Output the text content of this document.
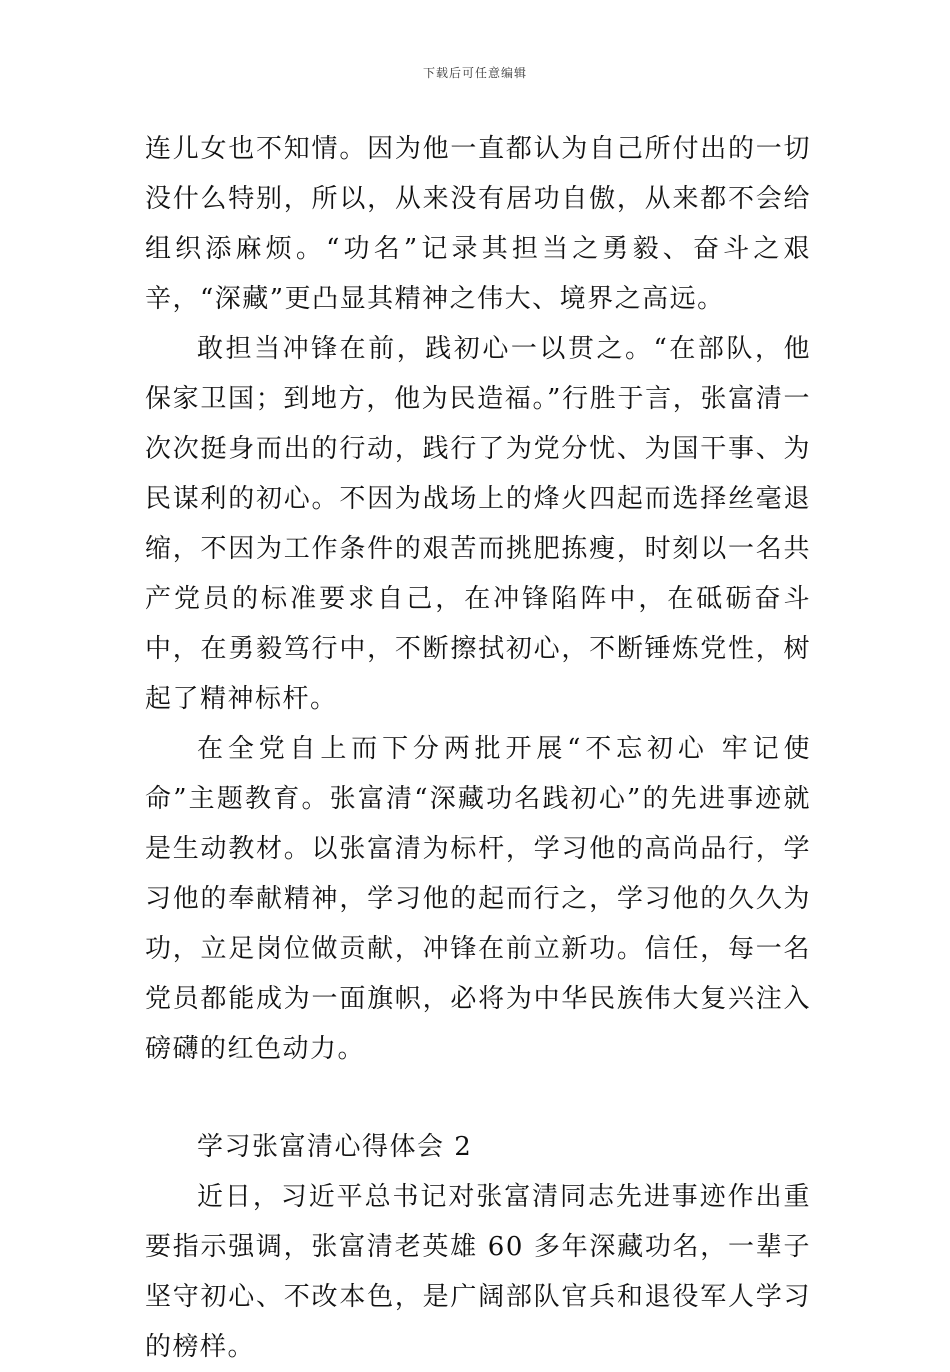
下载后可任意编辑

连儿女也不知情。因为他一直都认为自己所付出的一切没什么特别，所以，从来没有居功自傲，从来都不会给组织添麻烦。“功名”记录其担当之勇毅、奋斗之艰辛，“深藏”更凸显其精神之伟大、境界之高远。

敢担当冲锋在前，践初心一以贯之。“在部队，他保家卫国；到地方，他为民造福。”行胜于言，张富清一次次挺身而出的行动，践行了为党分忧、为国干事、为民谋利的初心。不因为战场上的烽火四起而选择丝毫退缩，不因为工作条件的艰苦而挑肥拣瘦，时刻以一名共产党员的标准要求自己，在冲锋陷阵中，在砥砺奋斗中，在勇毅笃行中，不断擦拭初心，不断锤炼党性，树起了精神标杆。

在全党自上而下分两批开展“不忘初心 牢记使命”主题教育。张富清“深藏功名践初心”的先进事迹就是生动教材。以张富清为标杆，学习他的高尚品行，学习他的奉献精神，学习他的起而行之，学习他的久久为功，立足岗位做贡献，冲锋在前立新功。信任，每一名党员都能成为一面旗帜，必将为中华民族伟大复兴注入磅礴的红色动力。

学习张富清心得体会 2

近日，习近平总书记对张富清同志先进事迹作出重要指示强调，张富清老英雄 60 多年深藏功名，一辈子坚守初心、不改本色，是广阔部队官兵和退役军人学习的榜样。
